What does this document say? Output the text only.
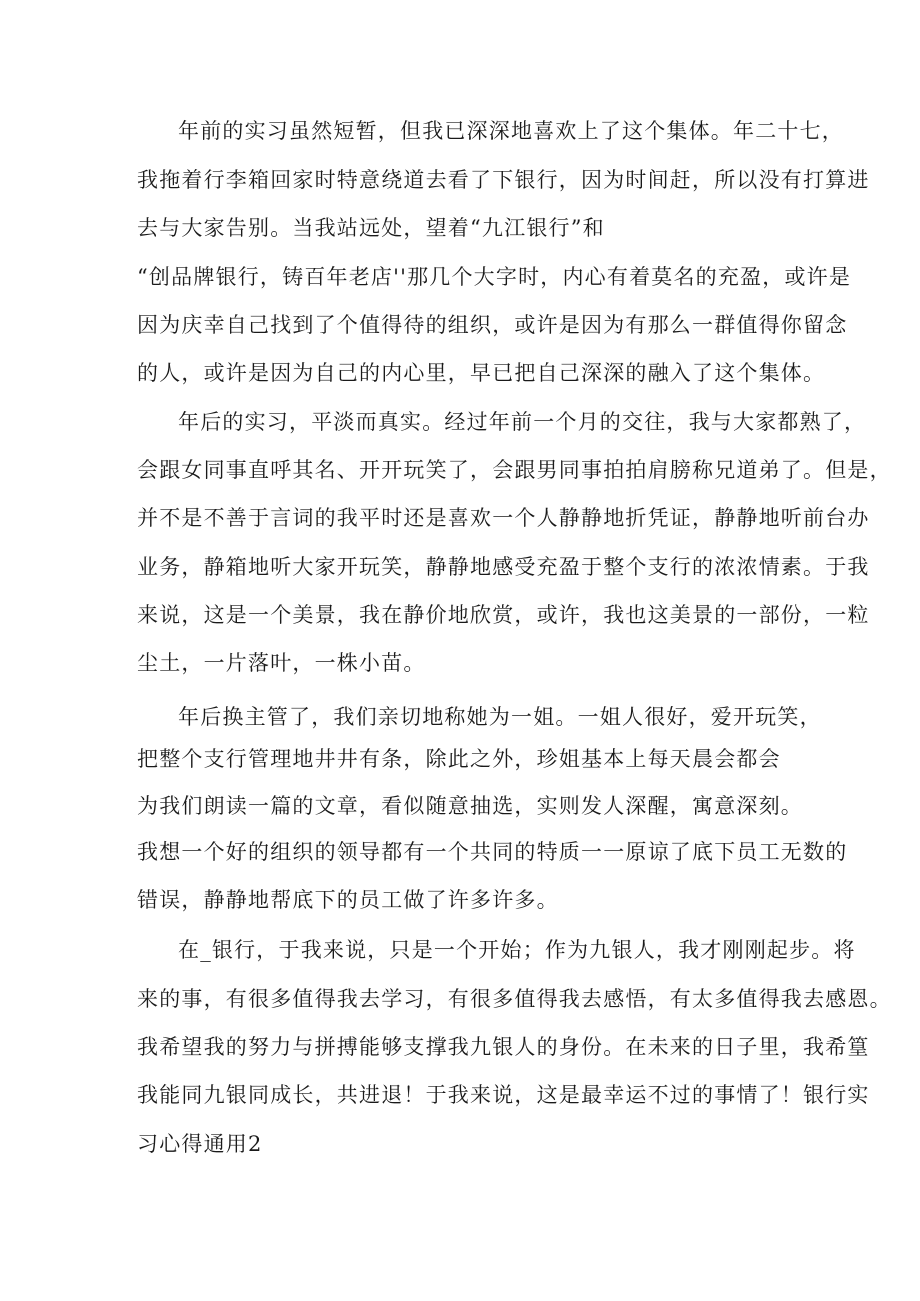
年前的实习虽然短暂，但我已深深地喜欢上了这个集体。年二十七，
我拖着行李箱回家时特意绕道去看了下银行，因为时间赶，所以没有打算进
去与大家告别。当我站远处，望着“九江银行”和
“创品牌银行，铸百年老店''那几个大字时，内心有着莫名的充盈，或许是
因为庆幸自己找到了个值得待的组织，或许是因为有那么一群值得你留念
的人，或许是因为自己的内心里，早已把自己深深的融入了这个集体。
年后的实习，平淡而真实。经过年前一个月的交往，我与大家都熟了，
会跟女同事直呼其名、开开玩笑了，会跟男同事拍拍肩膀称兄道弟了。但是，
并不是不善于言词的我平时还是喜欢一个人静静地折凭证，静静地听前台办
业务，静箱地听大家开玩笑，静静地感受充盈于整个支行的浓浓情素。于我
来说，这是一个美景，我在静价地欣赏，或许，我也这美景的一部份，一粒
尘土，一片落叶，一株小苗。
年后换主管了，我们亲切地称她为一姐。一姐人很好，爱开玩笑，
把整个支行管理地井井有条，除此之外，珍姐基本上每天晨会都会
为我们朗读一篇的文章，看似随意抽选，实则发人深醒，寓意深刻。
我想一个好的组织的领导都有一个共同的特质一一原谅了底下员工无数的
错误，静静地帮底下的员工做了许多许多。
在_银行，于我来说，只是一个开始；作为九银人，我才刚刚起步。将
来的事，有很多值得我去学习，有很多值得我去感悟，有太多值得我去感恩。
我希望我的努力与拼搏能够支撑我九银人的身份。在未来的日子里，我希篁
我能同九银同成长，共进退！于我来说，这是最幸运不过的事情了！银行实
习心得通用2
